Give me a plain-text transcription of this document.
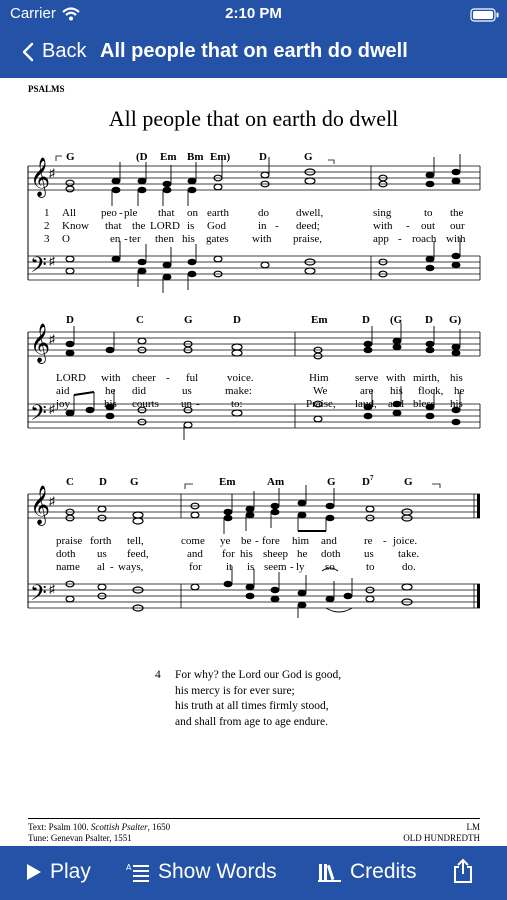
Carrier	2:10 PM
Back All people that on earth do dwell
PSALMS
All people that on earth do dwell
𝄞
𝄢
♯
♯
G	(D Em Bm Em)	D	G
1 All peo - ple that on earth	do dwell,	sing	to the
2 Know that the LORD is God	in - deed;	with - out our
3 O	en - ter then his gates with praise,	app - roach with
𝄞
𝄢
♯
♯
D	C	G	D	Em	D (G D G)
LORD with cheer - ful	voice.	Him serve with mirth, his
aid	he did	us	make:	We	are his flock, he
joy	his courts un -	to:	Praise, laud, and bless his
𝄞
𝄢
♯
♯
C D G	Em	Am	G D 7	G
praise forth tell,	come ye be - fore him and re - joice.
doth us feed,	and for his sheep he doth us take.
name al - ways,	for it is seem - ly so	to do.
4 For why? the Lord our God is good,
his mercy is for ever sure;
his truth at all times firmly stood,
and shall from age to age endure.
Text: Psalm 100. Scottish Psalter, 1650
Tune: Genevan Psalter, 1551
LM
OLD HUNDREDTH
Play	A Show Words	Credits
